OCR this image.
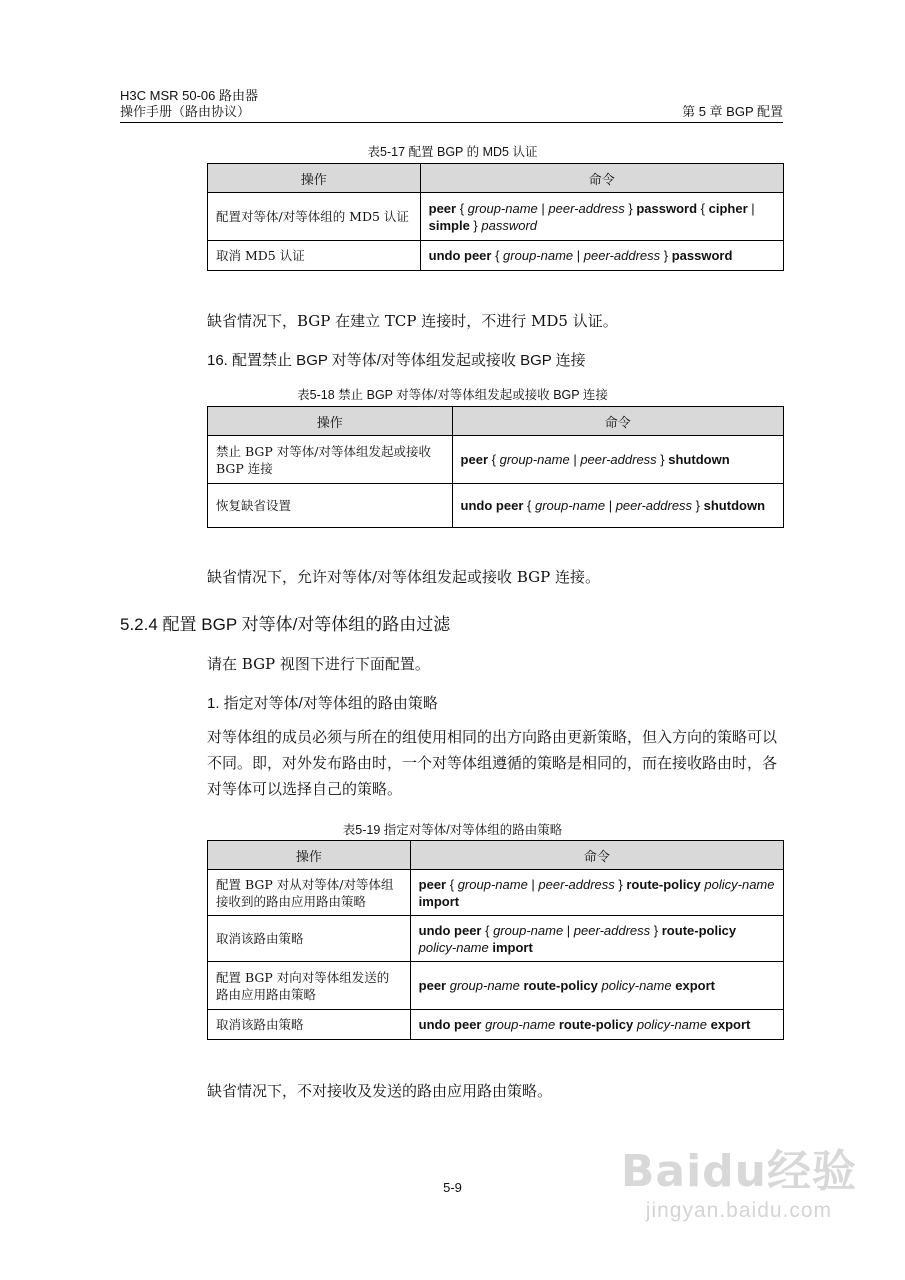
H3C MSR 50-06 路由器
操作手册（路由协议）	第 5 章 BGP 配置
表5-17 配置 BGP 的 MD5 认证
操作	命令
配置对等体/对等体组的 MD5 认证	peer { group-name | peer-address } password { cipher | simple } password
取消 MD5 认证	undo peer { group-name | peer-address } password
缺省情况下，BGP 在建立 TCP 连接时，不进行 MD5 认证。
16. 配置禁止 BGP 对等体/对等体组发起或接收 BGP 连接
表5-18 禁止 BGP 对等体/对等体组发起或接收 BGP 连接
操作	命令
禁止 BGP 对等体/对等体组发起或接收 BGP 连接	peer { group-name | peer-address } shutdown
恢复缺省设置	undo peer { group-name | peer-address } shutdown
缺省情况下，允许对等体/对等体组发起或接收 BGP 连接。
5.2.4 配置 BGP 对等体/对等体组的路由过滤
请在 BGP 视图下进行下面配置。
1. 指定对等体/对等体组的路由策略
对等体组的成员必须与所在的组使用相同的出方向路由更新策略，但入方向的策略可以不同。即，对外发布路由时，一个对等体组遵循的策略是相同的，而在接收路由时，各对等体可以选择自己的策略。
表5-19 指定对等体/对等体组的路由策略
操作	命令
配置 BGP 对从对等体/对等体组接收到的路由应用路由策略	peer { group-name | peer-address } route-policy policy-name import
取消该路由策略	undo peer { group-name | peer-address } route-policy policy-name import
配置 BGP 对向对等体组发送的路由应用路由策略	peer group-name route-policy policy-name export
取消该路由策略	undo peer group-name route-policy policy-name export
缺省情况下，不对接收及发送的路由应用路由策略。
5-9	Baidu经验
jingyan.baidu.com
